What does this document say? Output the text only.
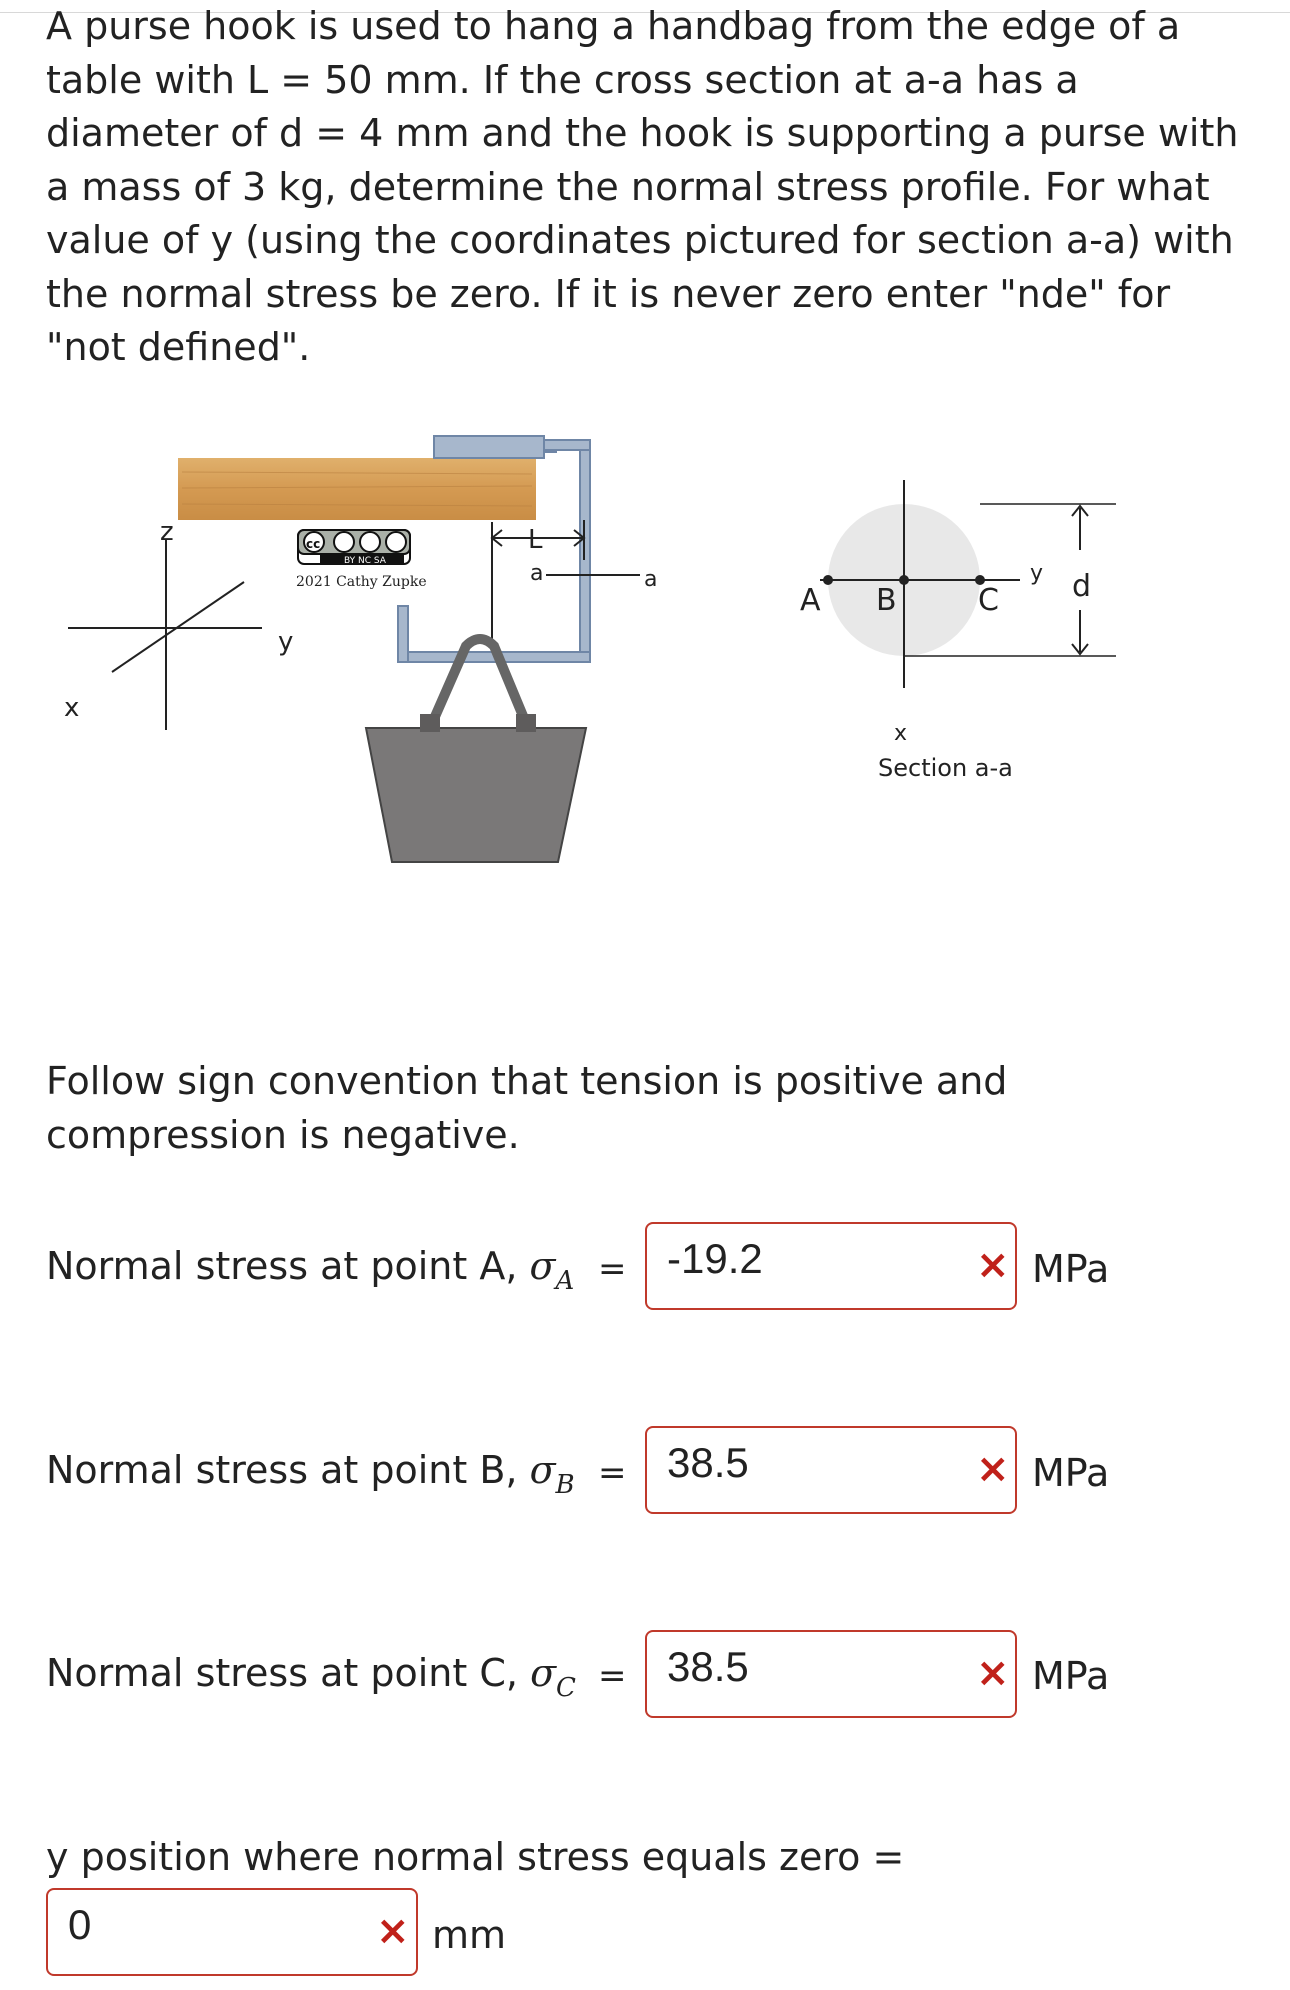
A purse hook is used to hang a handbag from the edge of a table with L = 50 mm. If the cross section at a-a has a diameter of d = 4 mm and the hook is supporting a purse with a mass of 3 kg, determine the normal stress profile. For what value of y (using the coordinates pictured for section a-a) with the normal stress be zero. If it is never zero enter "nde" for "not defined".

z
y
x
cc
BY NC SA
2021 Cathy Zupke
L
a	a
A B	C
y d
x
Section a-a

Follow sign convention that tension is positive and compression is negative.

Normal stress at point A, $\sigma_A = -19.2$	× MPa
Normal stress at point B, $\sigma_B = 38.5$	× MPa
Normal stress at point C, $\sigma_C = 38.5$	× MPa
y position where normal stress equals zero =
0	× mm
